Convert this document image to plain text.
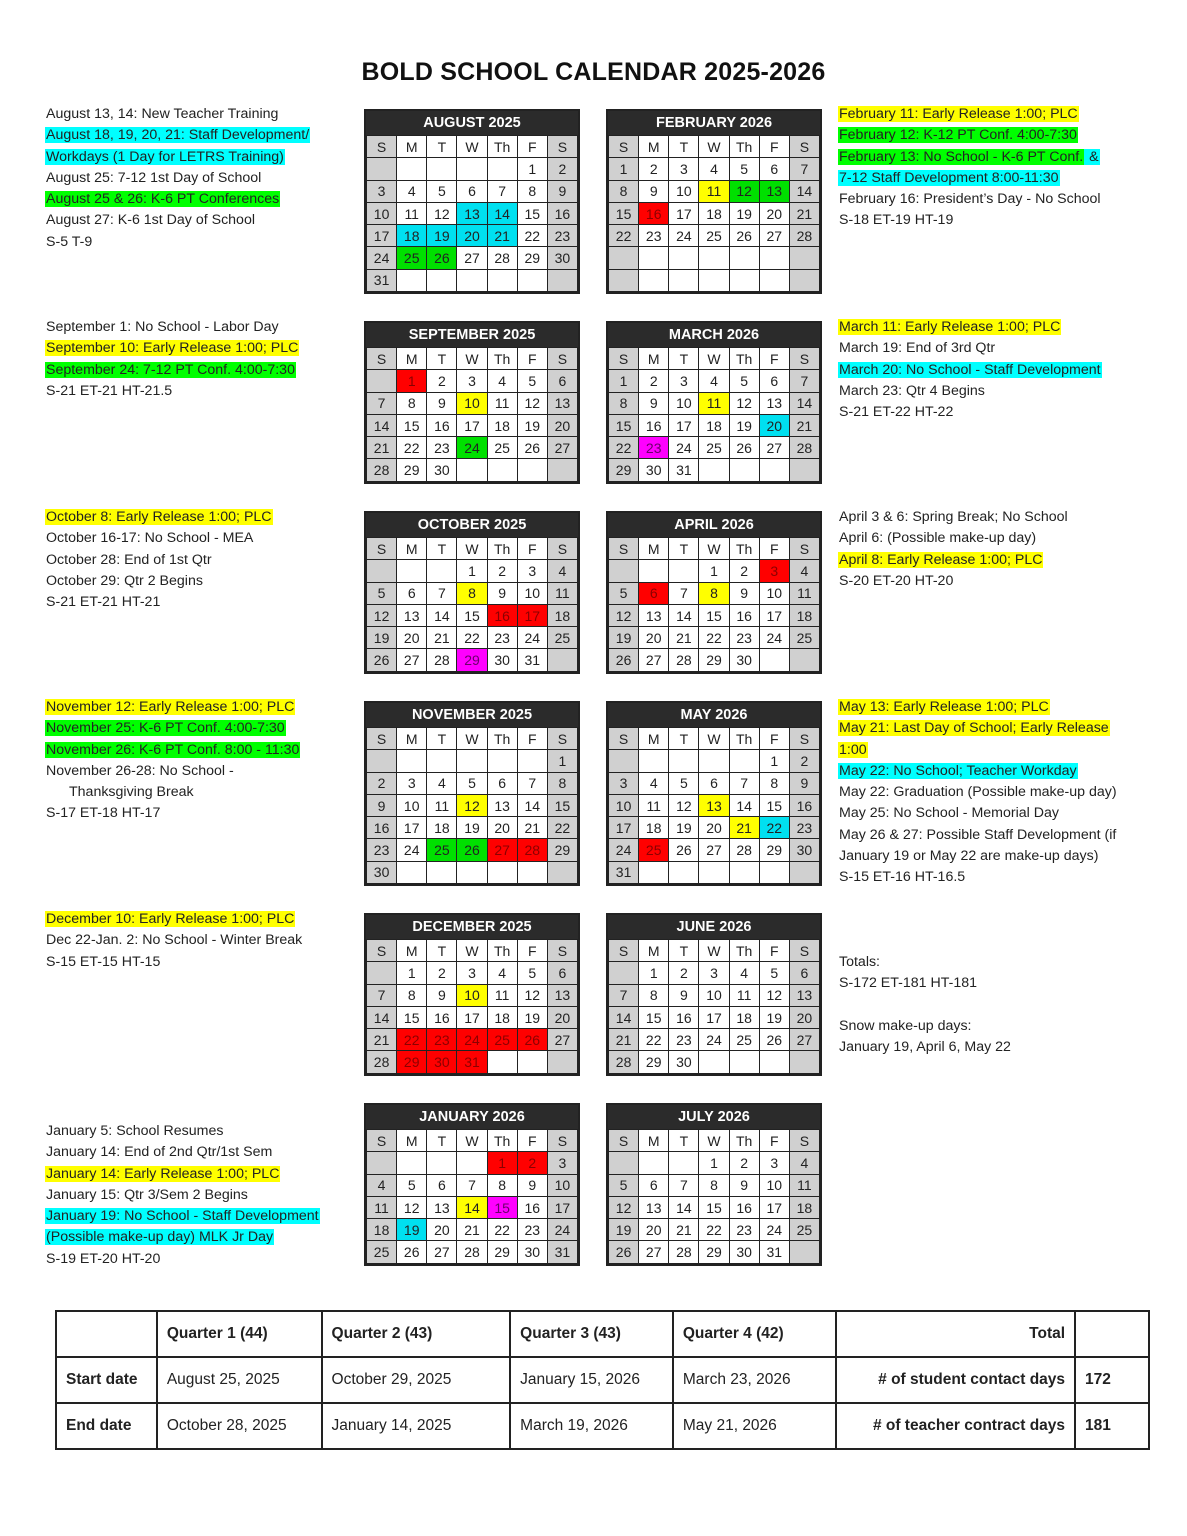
BOLD SCHOOL CALENDAR 2025-2026
August 13, 14: New Teacher Training
August 18, 19, 20, 21: Staff Development/
Workdays (1 Day for LETRS Training)
August 25: 7-12 1st Day of School
August 25 & 26: K-6 PT Conferences
August 27: K-6 1st Day of School
S-5 T-9
February 11: Early Release 1:00; PLC
February 12: K-12 PT Conf. 4:00-7:30
February 13: No School - K-6 PT Conf. &
7-12 Staff Development 8:00-11:30
February 16: President’s Day - No School
S-18 ET-19 HT-19
September 1: No School - Labor Day
September 10: Early Release 1:00; PLC
September 24: 7-12 PT Conf. 4:00-7:30
S-21 ET-21 HT-21.5
March 11: Early Release 1:00; PLC
March 19: End of 3rd Qtr
March 20: No School - Staff Development
March 23: Qtr 4 Begins
S-21 ET-22 HT-22
October 8: Early Release 1:00; PLC
October 16-17: No School - MEA
October 28: End of 1st Qtr
October 29: Qtr 2 Begins
S-21 ET-21 HT-21
April 3 & 6: Spring Break; No School
April 6: (Possible make-up day)
April 8: Early Release 1:00; PLC
S-20 ET-20 HT-20
November 12: Early Release 1:00; PLC
November 25: K-6 PT Conf. 4:00-7:30
November 26: K-6 PT Conf. 8:00 - 11:30
November 26-28: No School -
Thanksgiving Break
S-17 ET-18 HT-17
May 13: Early Release 1:00; PLC
May 21: Last Day of School; Early Release
1:00
May 22: No School; Teacher Workday
May 22: Graduation (Possible make-up day)
May 25: No School - Memorial Day
May 26 & 27: Possible Staff Development (if
January 19 or May 22 are make-up days)
S-15 ET-16 HT-16.5
December 10: Early Release 1:00; PLC
Dec 22-Jan. 2: No School - Winter Break
S-15 ET-15 HT-15	Totals:
S-172 ET-181 HT-181

Snow make-up days:
January 19, April 6, May 22
January 5: School Resumes
January 14: End of 2nd Qtr/1st Sem
January 14: Early Release 1:00; PLC
January 15: Qtr 3/Sem 2 Begins
January 19: No School - Staff Development
(Possible make-up day) MLK Jr Day
S-19 ET-20 HT-20
AUGUST 2025
S	M	T	W	Th	F	S
					1	2
3	4	5	6	7	8	9
10	11	12	13	14	15	16
17	18	19	20	21	22	23
24	25	26	27	28	29	30
31						
FEBRUARY 2026
S	M	T	W	Th	F	S
1	2	3	4	5	6	7
8	9	10	11	12	13	14
15	16	17	18	19	20	21
22	23	24	25	26	27	28

SEPTEMBER 2025
S	M	T	W	Th	F	S
	1	2	3	4	5	6
7	8	9	10	11	12	13
14	15	16	17	18	19	20
21	22	23	24	25	26	27
28	29	30				
MARCH 2026
S	M	T	W	Th	F	S
1	2	3	4	5	6	7
8	9	10	11	12	13	14
15	16	17	18	19	20	21
22	23	24	25	26	27	28
29	30	31				
OCTOBER 2025
S	M	T	W	Th	F	S
			1	2	3	4
5	6	7	8	9	10	11
12	13	14	15	16	17	18
19	20	21	22	23	24	25
26	27	28	29	30	31	
APRIL 2026
S	M	T	W	Th	F	S
			1	2	3	4
5	6	7	8	9	10	11
12	13	14	15	16	17	18
19	20	21	22	23	24	25
26	27	28	29	30		
NOVEMBER 2025
S	M	T	W	Th	F	S
						1
2	3	4	5	6	7	8
9	10	11	12	13	14	15
16	17	18	19	20	21	22
23	24	25	26	27	28	29
30						
MAY 2026
S	M	T	W	Th	F	S
					1	2
3	4	5	6	7	8	9
10	11	12	13	14	15	16
17	18	19	20	21	22	23
24	25	26	27	28	29	30
31						
DECEMBER 2025
S	M	T	W	Th	F	S
	1	2	3	4	5	6
7	8	9	10	11	12	13
14	15	16	17	18	19	20
21	22	23	24	25	26	27
28	29	30	31			
JUNE 2026
S	M	T	W	Th	F	S
	1	2	3	4	5	6
7	8	9	10	11	12	13
14	15	16	17	18	19	20
21	22	23	24	25	26	27
28	29	30				
JANUARY 2026
S	M	T	W	Th	F	S
				1	2	3
4	5	6	7	8	9	10
11	12	13	14	15	16	17
18	19	20	21	22	23	24
25	26	27	28	29	30	31
JULY 2026
S	M	T	W	Th	F	S
			1	2	3	4
5	6	7	8	9	10	11
12	13	14	15	16	17	18
19	20	21	22	23	24	25
26	27	28	29	30	31	
	Quarter 1 (44)	Quarter 2 (43)	Quarter 3 (43)	Quarter 4 (42)	Total	
Start date	August 25, 2025	October 29, 2025	January 15, 2026	March 23, 2026	# of student contact days	172
End date	October 28, 2025	January 14, 2025	March 19, 2026	May 21, 2026	# of teacher contract days	181
